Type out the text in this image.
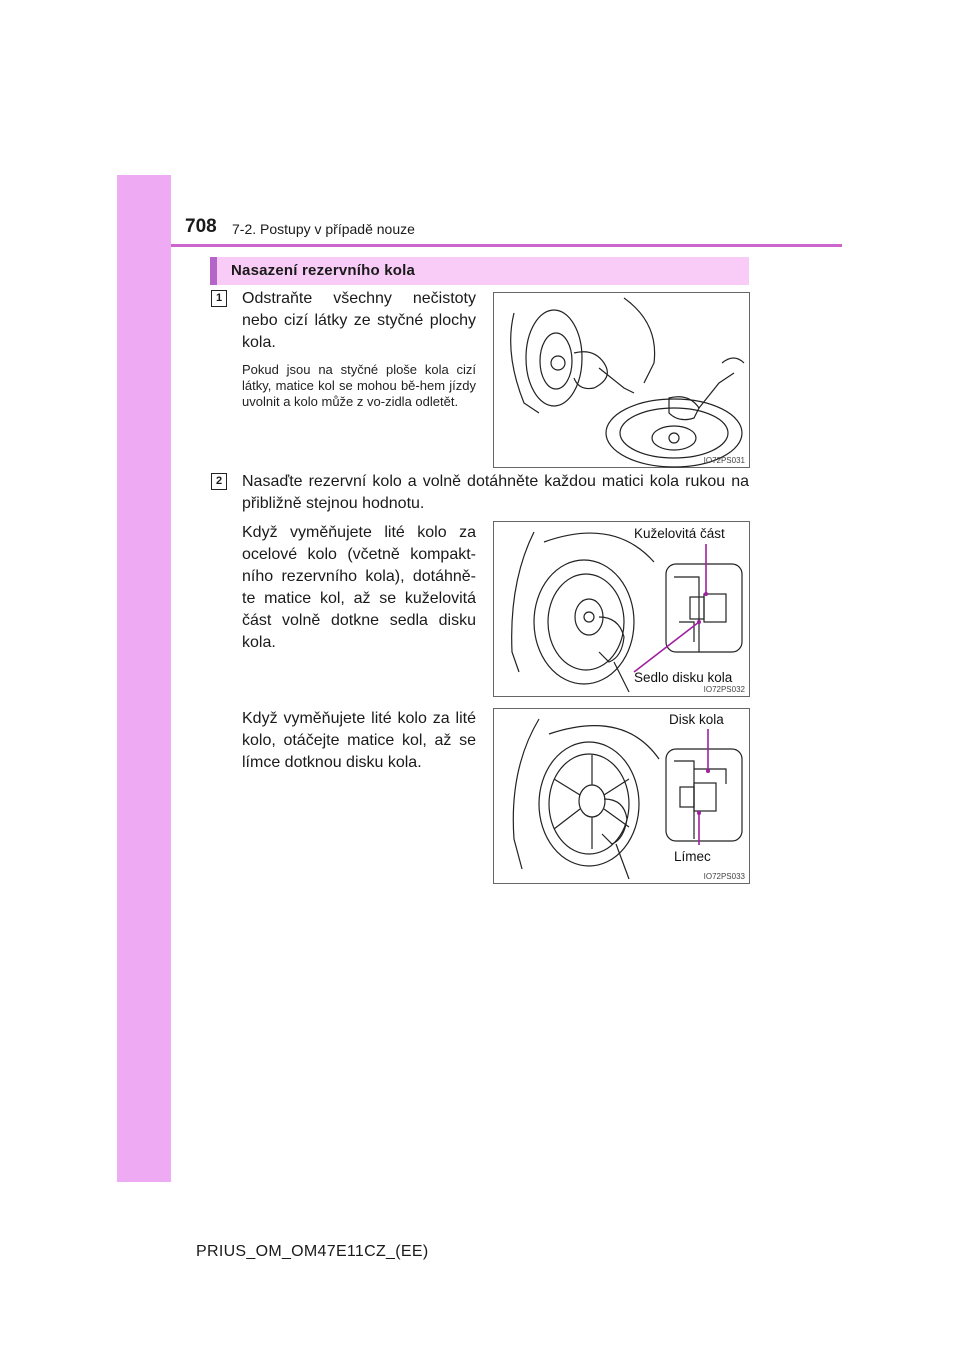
708 7-2. Postupy v případě nouze
Nasazení rezervního kola
1	Odstraňte všechny nečistoty nebo cizí látky ze styčné plochy kola.
Pokud jsou na styčné ploše kola cizí látky, matice kol se mohou bě-hem jízdy uvolnit a kolo může z vo-zidla odletět.
IO72PS031
2	Nasaďte rezervní kolo a volně dotáhněte každou matici kola rukou na přibližně stejnou hodnotu.
Když vyměňujete lité kolo za ocelové kolo (včetně kompakt-ního rezervního kola), dotáhně-te matice kol, až se kuželovitá část volně dotkne sedla disku kola.
Když vyměňujete lité kolo za lité kolo, otáčejte matice kol, až se límce dotknou disku kola.
Kuželovitá část
Sedlo disku kola
IO72PS032
Disk kola
Límec
IO72PS033
PRIUS_OM_OM47E11CZ_(EE)
